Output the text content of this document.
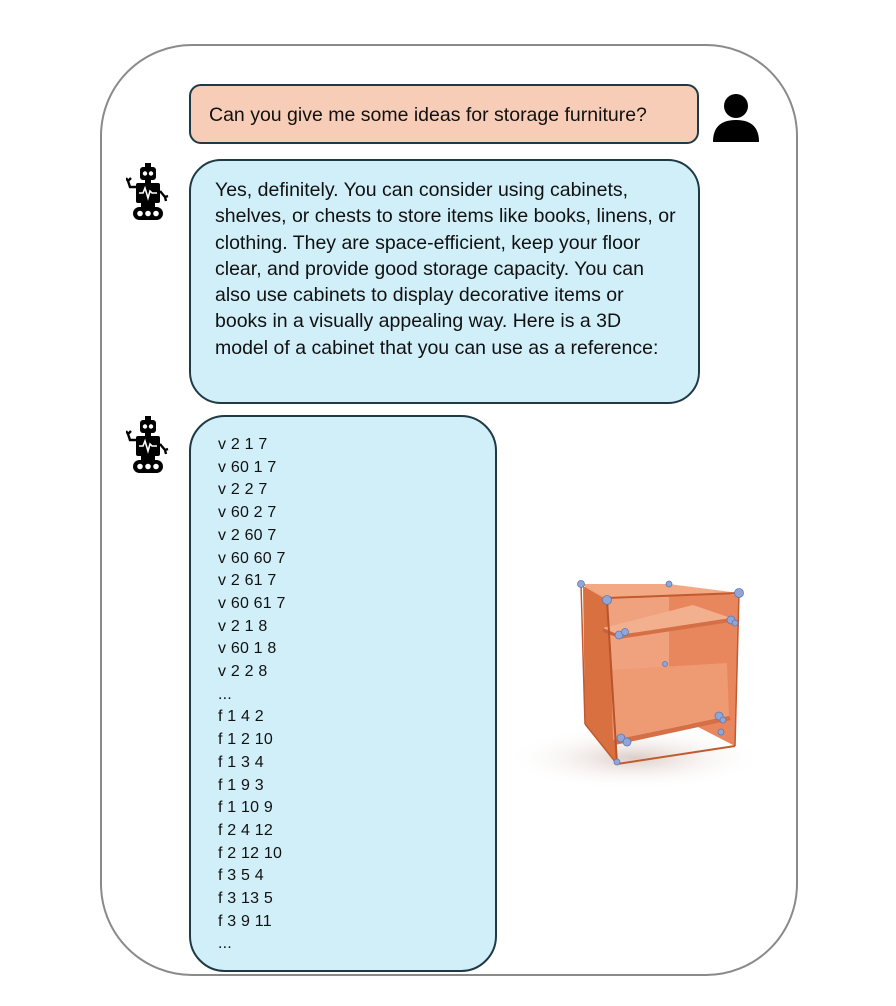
Can you give me some ideas for storage furniture?
Yes, definitely. You can consider using cabinets, shelves, or chests to store items like books, linens, or clothing. They are space-efficient, keep your floor clear, and provide good storage capacity. You can also use cabinets to display decorative items or books in a visually appealing way. Here is a 3D model of a cabinet that you can use as a reference:
v 2 1 7
v 60 1 7
v 2 2 7
v 60 2 7
v 2 60 7
v 60 60 7
v 2 61 7
v 60 61 7
v 2 1 8
v 60 1 8
v 2 2 8
...
f 1 4 2
f 1 2 10
f 1 3 4
f 1 9 3
f 1 10 9
f 2 4 12
f 2 12 10
f 3 5 4
f 3 13 5
f 3 9 11
...
